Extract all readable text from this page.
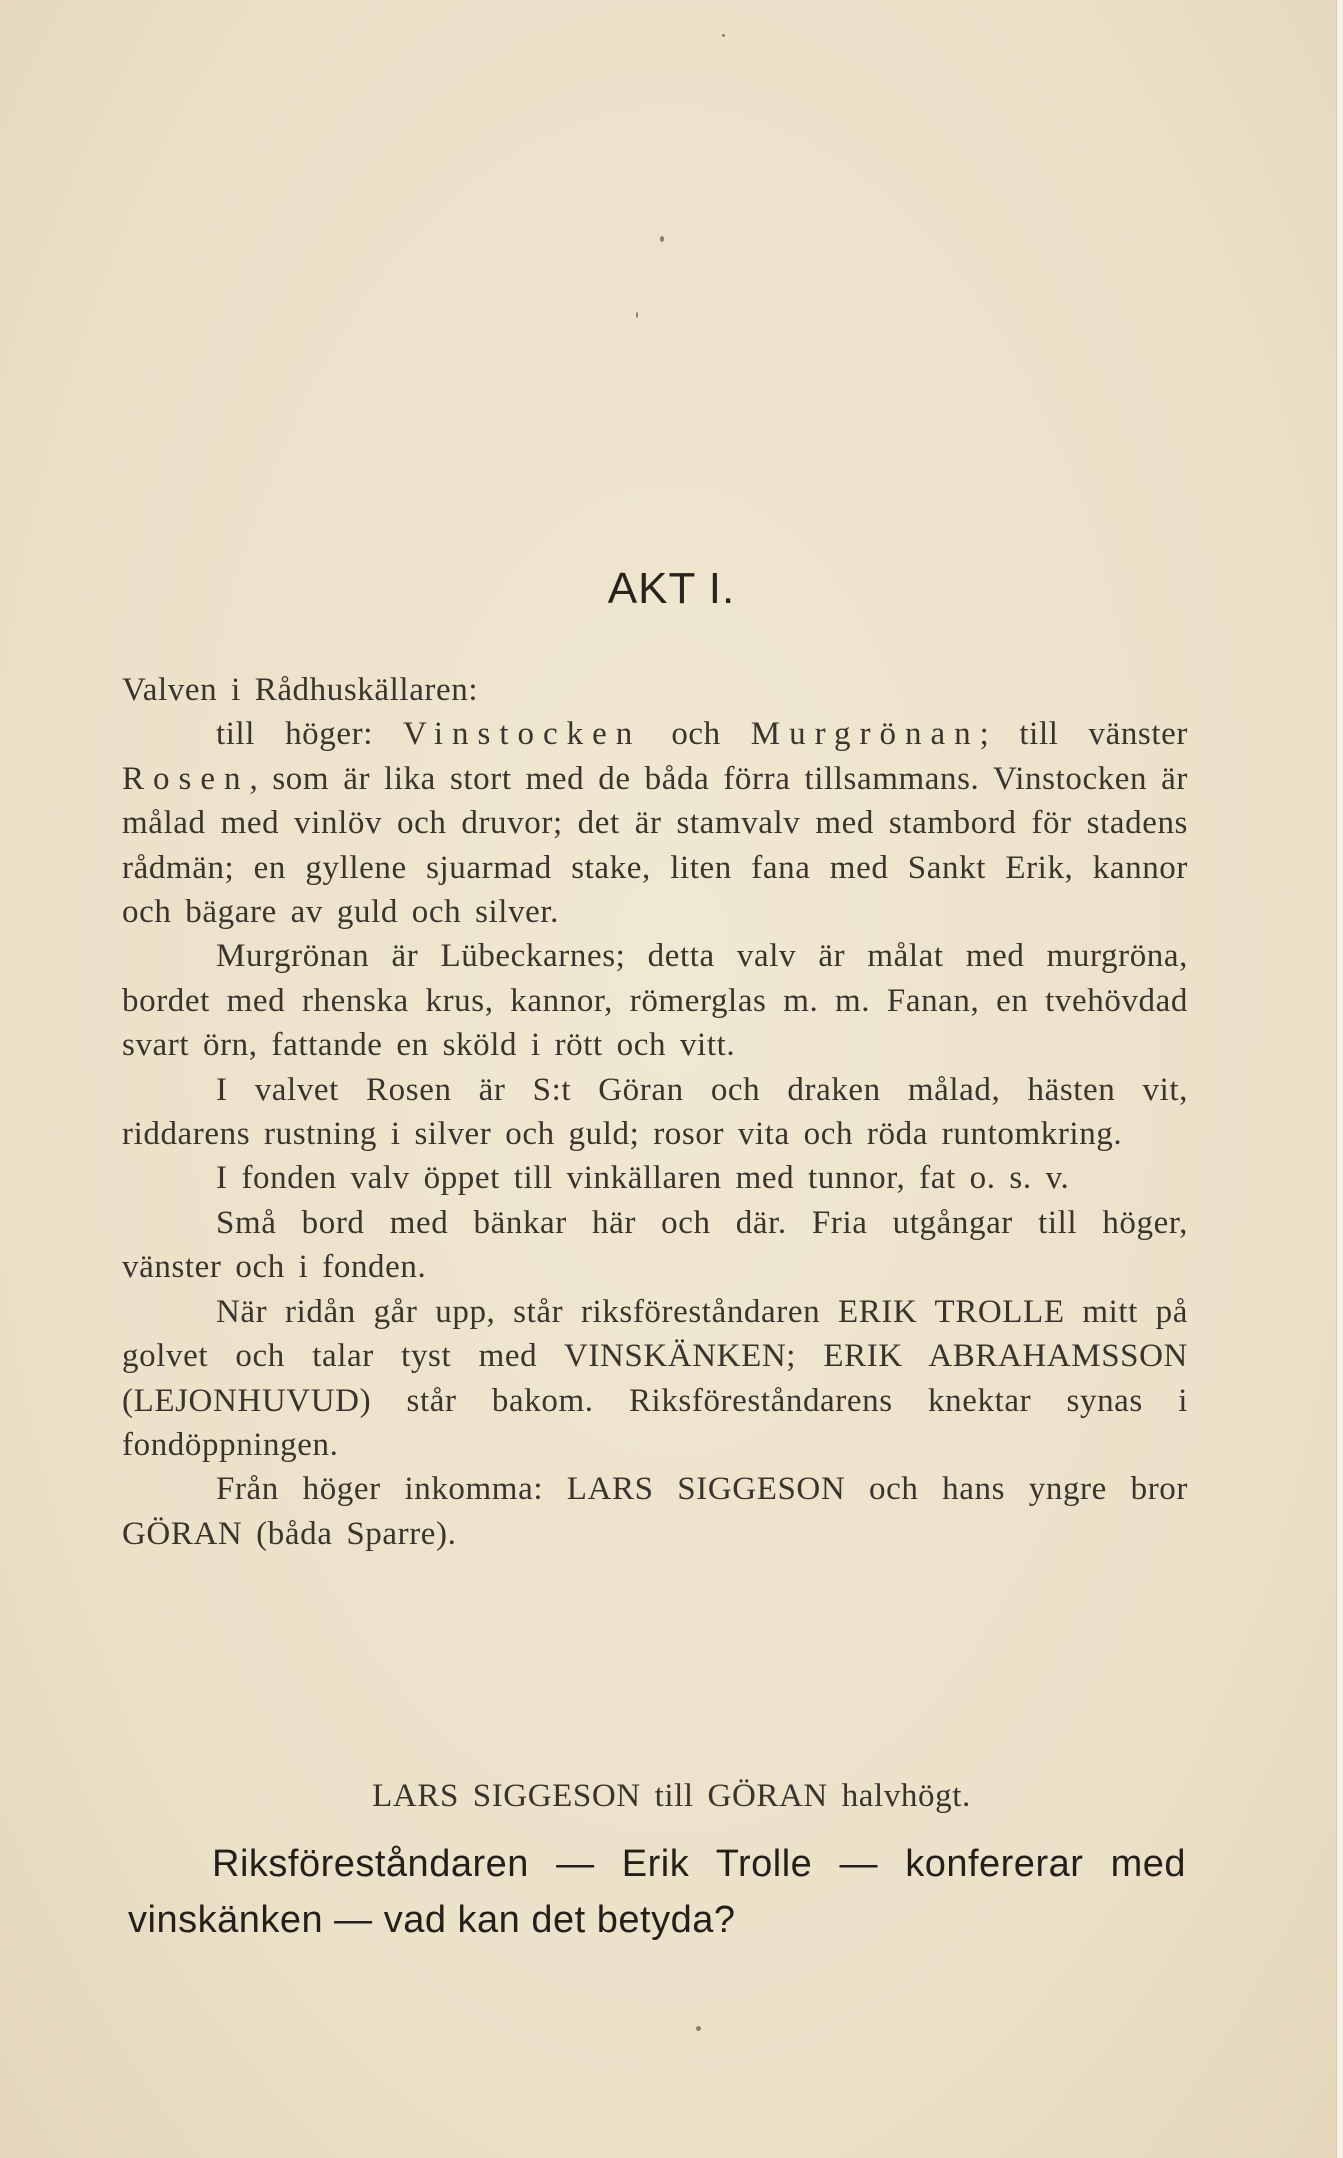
AKT I.

Valven i Rådhuskällaren:

till höger: Vinstocken och Murgrönan; till vänster Rosen, som är lika stort med de båda förra tillsammans. Vinstocken är målad med vinlöv och druvor; det är stamvalv med stambord för stadens rådmän; en gyllene sjuarmad stake, liten fana med Sankt Erik, kannor och bägare av guld och silver.

Murgrönan är Lübeckarnes; detta valv är målat med murgröna, bordet med rhenska krus, kannor, römerglas m. m. Fanan, en tvehövdad svart örn, fattande en sköld i rött och vitt.

I valvet Rosen är S:t Göran och draken målad, hästen vit, riddarens rustning i silver och guld; rosor vita och röda runtomkring.

I fonden valv öppet till vinkällaren med tunnor, fat o. s. v.

Små bord med bänkar här och där. Fria utgångar till höger, vänster och i fonden.

När ridån går upp, står riksföreståndaren ERIK TROLLE mitt på golvet och talar tyst med VINSKÄNKEN; ERIK ABRAHAMSSON (LEJONHUVUD) står bakom. Riksföreståndarens knektar synas i fondöppningen.

Från höger inkomma: LARS SIGGESON och hans yngre bror GÖRAN (båda Sparre).

LARS SIGGESON till GÖRAN halvhögt.

Riksföreståndaren — Erik Trolle — konfererar med vinskänken — vad kan det betyda?
